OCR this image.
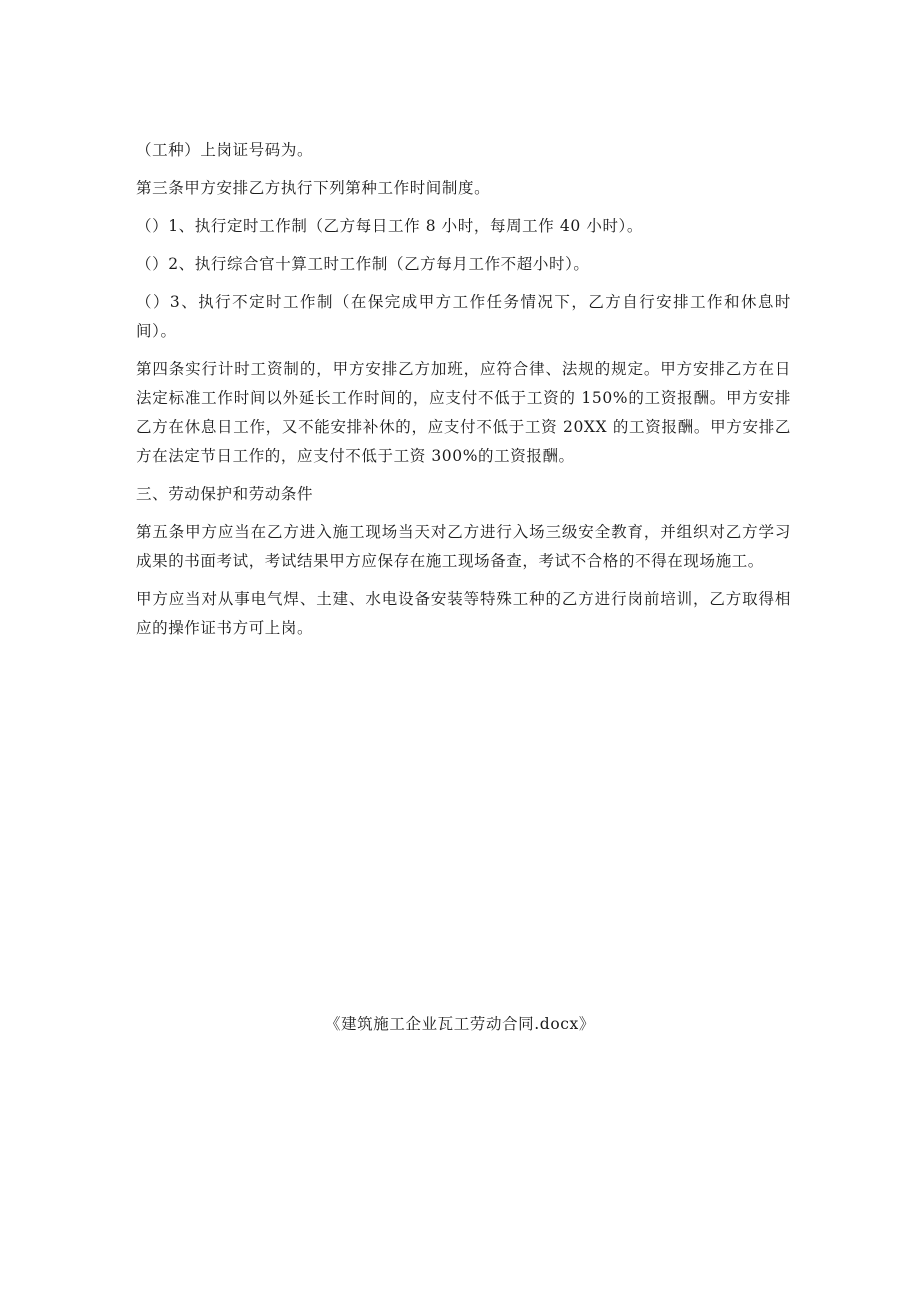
（工种）上岗证号码为。

第三条甲方安排乙方执行下列第种工作时间制度。

（）1、执行定时工作制（乙方每日工作 8 小时，每周工作 40 小时）。

（）2、执行综合官十算工时工作制（乙方每月工作不超小时）。

（）3、执行不定时工作制（在保完成甲方工作任务情况下，乙方自行安排工作和休息时间）。

第四条实行计时工资制的，甲方安排乙方加班，应符合律、法规的规定。甲方安排乙方在日法定标准工作时间以外延长工作时间的，应支付不低于工资的 150%的工资报酬。甲方安排乙方在休息日工作，又不能安排补休的，应支付不低于工资 20XX 的工资报酬。甲方安排乙方在法定节日工作的，应支付不低于工资 300%的工资报酬。

三、劳动保护和劳动条件

第五条甲方应当在乙方进入施工现场当天对乙方进行入场三级安全教育，并组织对乙方学习成果的书面考试，考试结果甲方应保存在施工现场备查，考试不合格的不得在现场施工。

甲方应当对从事电气焊、土建、水电设备安装等特殊工种的乙方进行岗前培训，乙方取得相应的操作证书方可上岗。

《建筑施工企业瓦工劳动合同.docx》
